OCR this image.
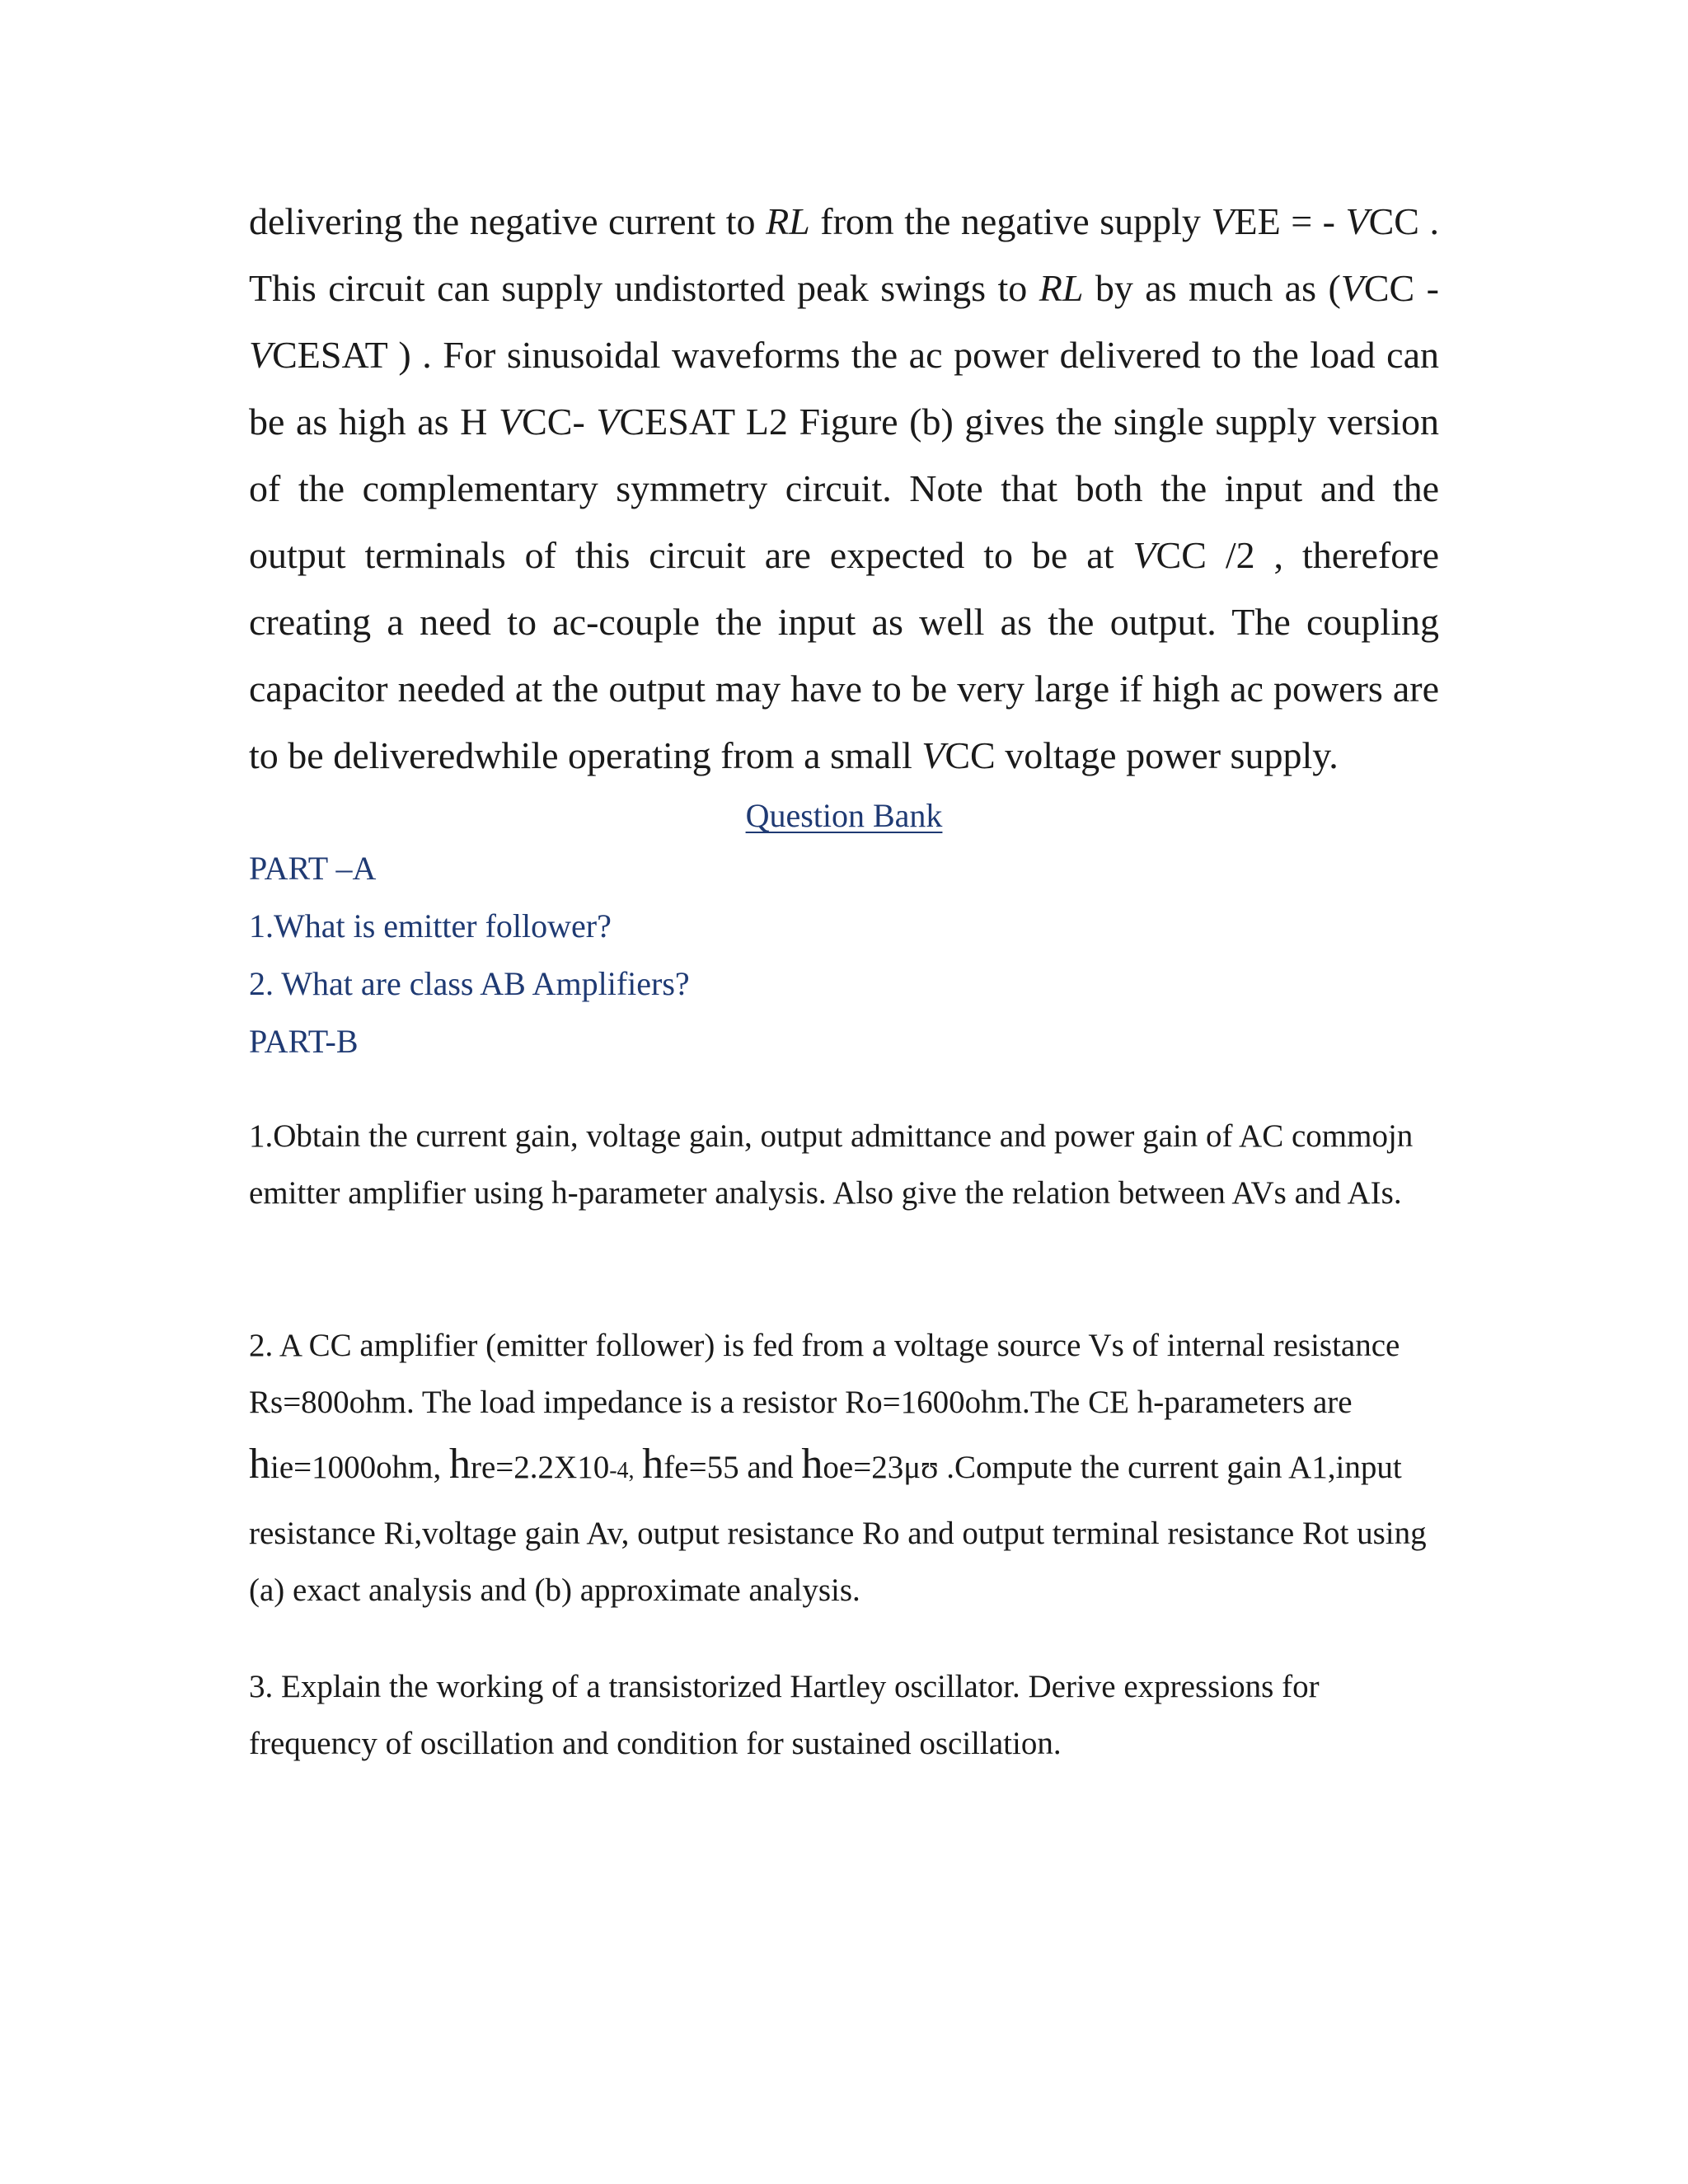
delivering the negative current to RL from the negative supply VEE = - VCC . This circuit can supply undistorted peak swings to RL by as much as (VCC - VCESAT ) . For sinusoidal waveforms the ac power delivered to the load can be as high as H VCC- VCESAT L2 Figure (b) gives the single supply version of the complementary symmetry circuit. Note that both the input and the output terminals of this circuit are expected to be at VCC /2 , therefore creating a need to ac-couple the input as well as the output. The coupling capacitor needed at the output may have to be very large if high ac powers are to be deliveredwhile operating from a small VCC voltage power supply.

Question Bank
PART –A
1.What is emitter follower?
2. What are class AB Amplifiers?
PART-B

1.Obtain the current gain, voltage gain, output admittance and power gain of AC commojn emitter amplifier using h-parameter analysis. Also give the relation between AVs and AIs.

2. A CC amplifier (emitter follower) is fed from a voltage source Vs of internal resistance Rs=800ohm. The load impedance is a resistor Ro=1600ohm.The CE h-parameters are

hie=1000ohm, hre=2.2X10-4, hfe=55 and hoe=23μʊ .Compute the current gain A1,input

resistance Ri,voltage gain Av, output resistance Ro and output terminal resistance Rot using (a) exact analysis and (b) approximate analysis.

3. Explain the working of a transistorized Hartley oscillator. Derive expressions for frequency of oscillation and condition for sustained oscillation.
